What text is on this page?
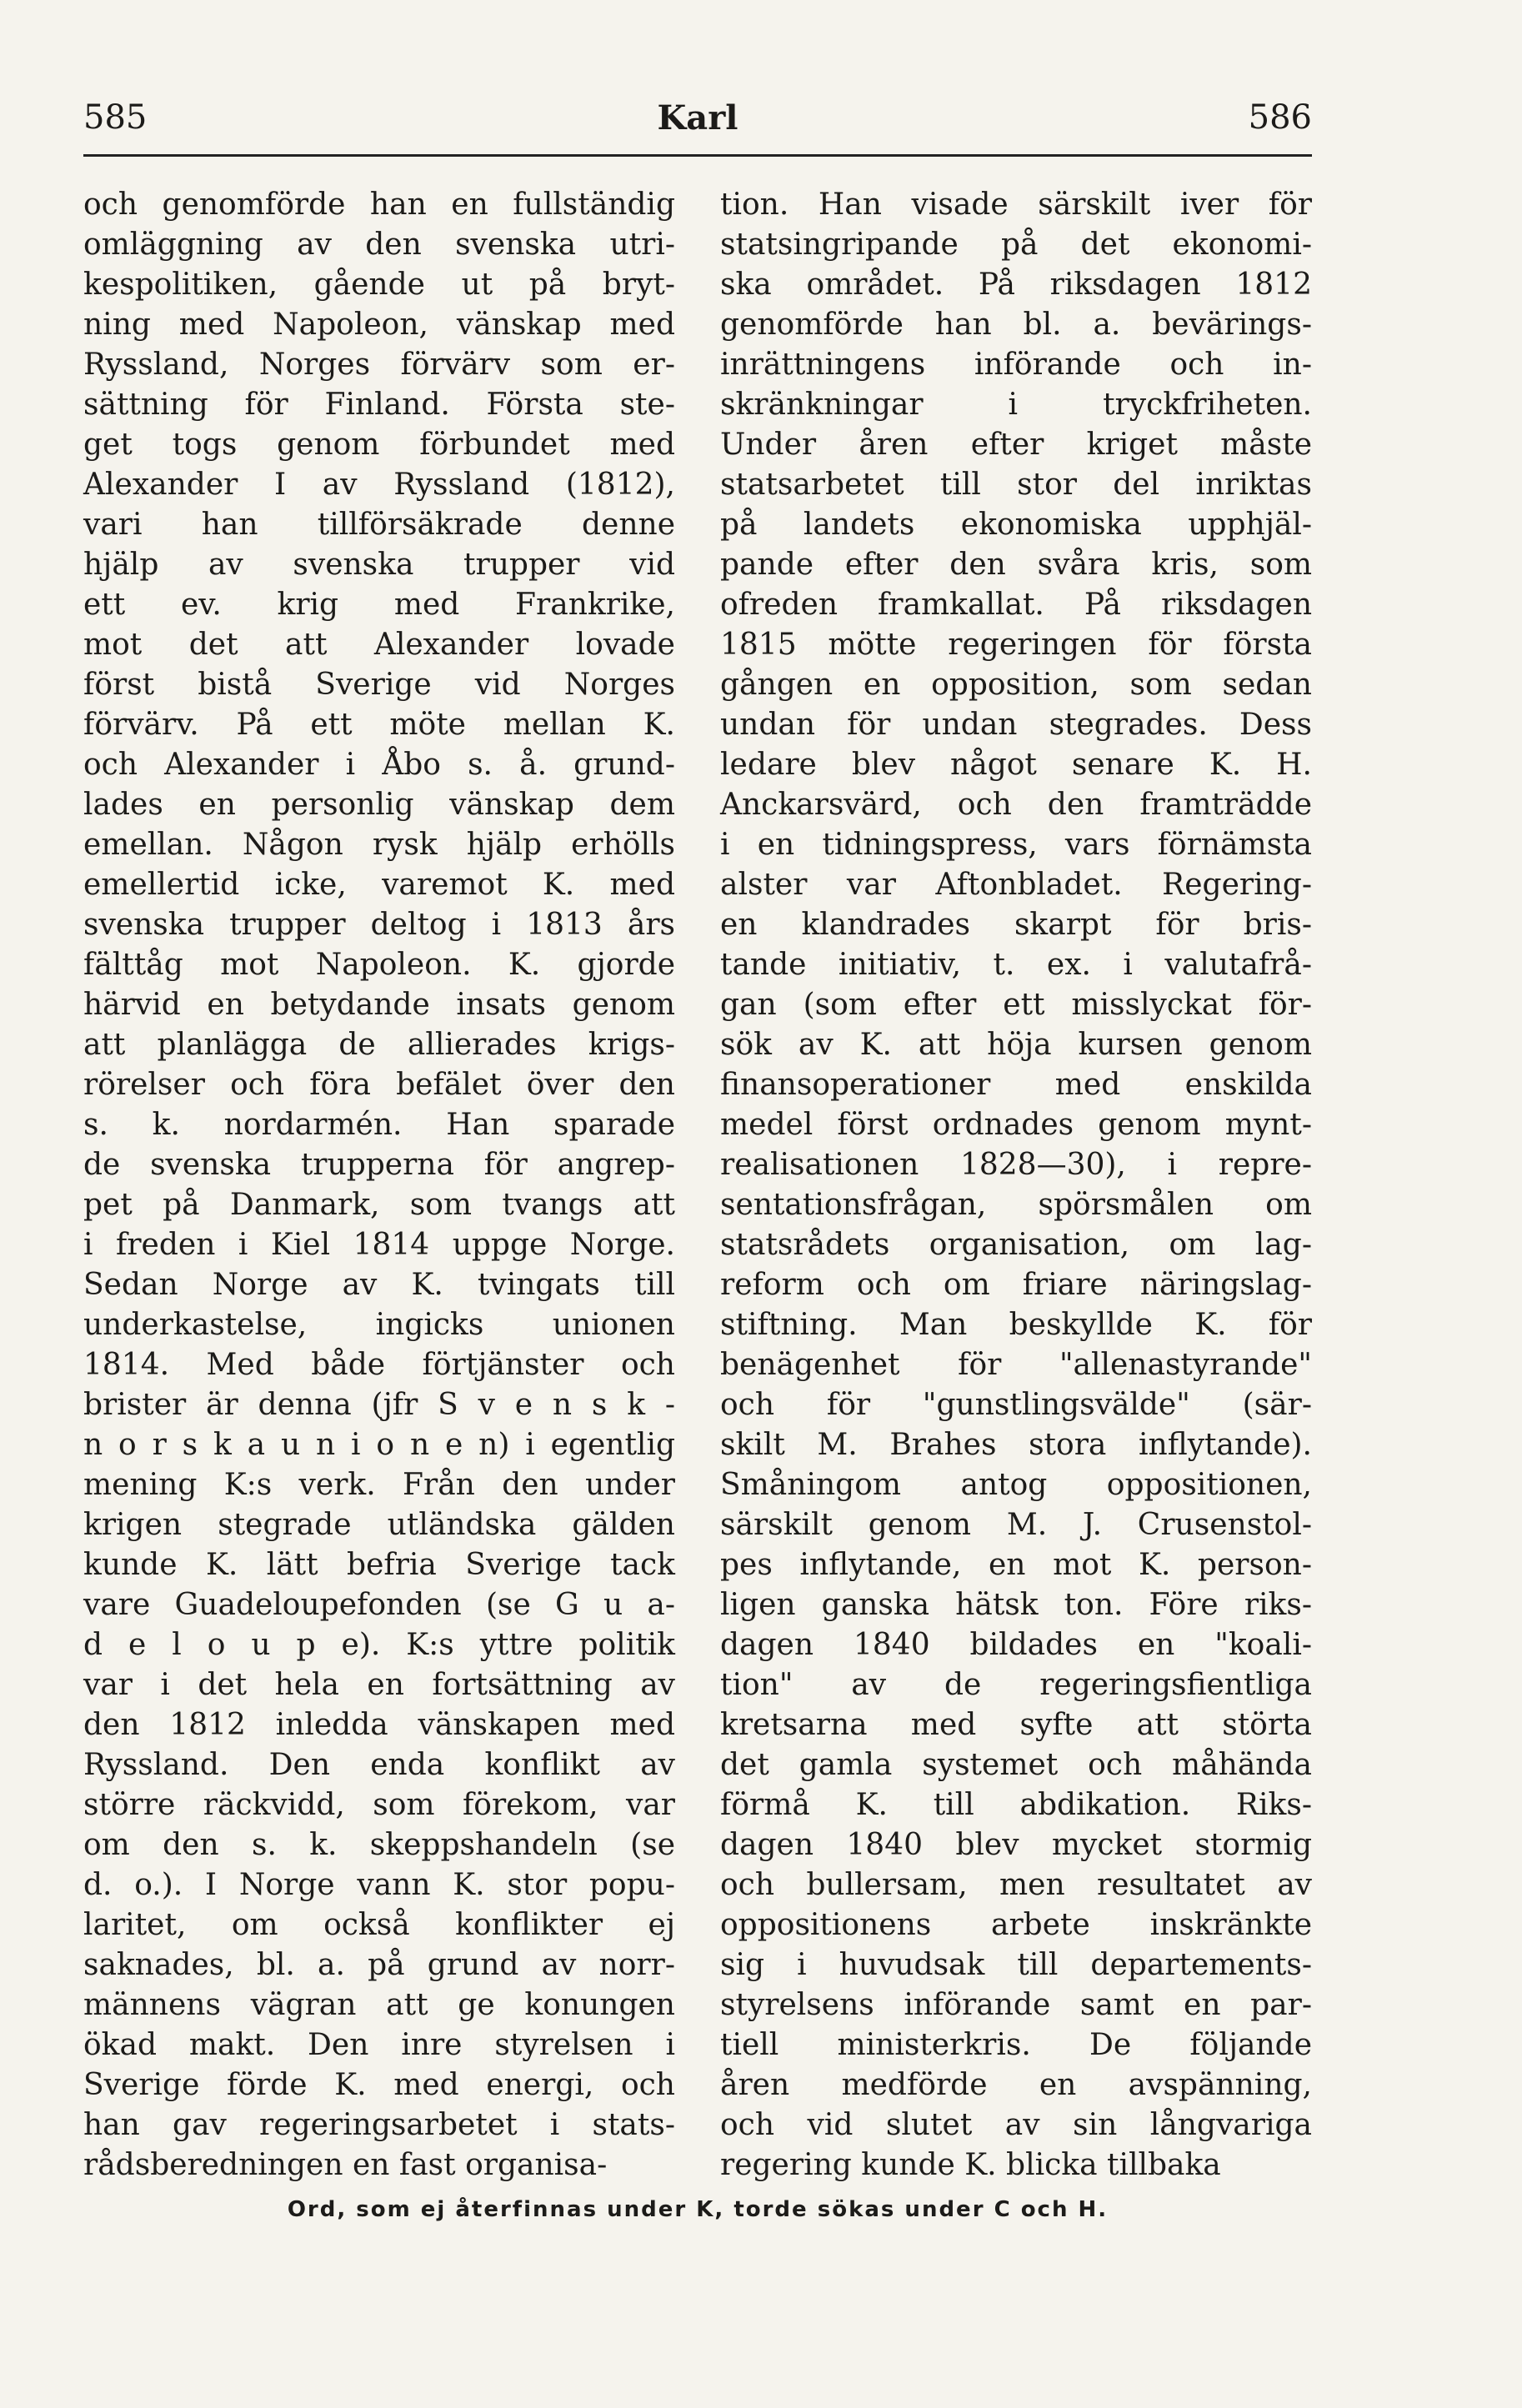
585	Karl	586
och genomförde han en fullständig
omläggning av den svenska utri-
kespolitiken, gående ut på bryt-
ning med Napoleon, vänskap med
Ryssland, Norges förvärv som er-
sättning för Finland. Första ste-
get togs genom förbundet med
Alexander I av Ryssland (1812),
vari han tillförsäkrade denne
hjälp av svenska trupper vid
ett ev. krig med Frankrike,
mot det att Alexander lovade
först bistå Sverige vid Norges
förvärv. På ett möte mellan K.
och Alexander i Åbo s. å. grund-
lades en personlig vänskap dem
emellan. Någon rysk hjälp erhölls
emellertid icke, varemot K. med
svenska trupper deltog i 1813 års
fälttåg mot Napoleon. K. gjorde
härvid en betydande insats genom
att planlägga de allierades krigs-
rörelser och föra befälet över den
s. k. nordarmén. Han sparade
de svenska trupperna för angrep-
pet på Danmark, som tvangs att
i freden i Kiel 1814 uppge Norge.
Sedan Norge av K. tvingats till
underkastelse, ingicks unionen
1814. Med både förtjänster och
brister är denna (jfr S v e n s k -
n o r s k a u n i o n e n) i egentlig
mening K:s verk. Från den under
krigen stegrade utländska gälden
kunde K. lätt befria Sverige tack
vare Guadeloupefonden (se G u a-
d e l o u p e). K:s yttre politik
var i det hela en fortsättning av
den 1812 inledda vänskapen med
Ryssland. Den enda konflikt av
större räckvidd, som förekom, var
om den s. k. skeppshandeln (se
d. o.). I Norge vann K. stor popu-
laritet, om också konflikter ej
saknades, bl. a. på grund av norr-
männens vägran att ge konungen
ökad makt. Den inre styrelsen i
Sverige förde K. med energi, och
han gav regeringsarbetet i stats-
rådsberedningen en fast organisa-
tion. Han visade särskilt iver för
statsingripande på det ekonomi-
ska området. På riksdagen 1812
genomförde han bl. a. bevärings-
inrättningens införande och in-
skränkningar i tryckfriheten.
Under åren efter kriget måste
statsarbetet till stor del inriktas
på landets ekonomiska upphjäl-
pande efter den svåra kris, som
ofreden framkallat. På riksdagen
1815 mötte regeringen för första
gången en opposition, som sedan
undan för undan stegrades. Dess
ledare blev något senare K. H.
Anckarsvärd, och den framträdde
i en tidningspress, vars förnämsta
alster var Aftonbladet. Regering-
en klandrades skarpt för bris-
tande initiativ, t. ex. i valutafrå-
gan (som efter ett misslyckat för-
sök av K. att höja kursen genom
finansoperationer med enskilda
medel först ordnades genom mynt-
realisationen 1828—30), i repre-
sentationsfrågan, spörsmålen om
statsrådets organisation, om lag-
reform och om friare näringslag-
stiftning. Man beskyllde K. för
benägenhet för "allenastyrande"
och för "gunstlingsvälde" (sär-
skilt M. Brahes stora inflytande).
Småningom antog oppositionen,
särskilt genom M. J. Crusenstol-
pes inflytande, en mot K. person-
ligen ganska hätsk ton. Före riks-
dagen 1840 bildades en "koali-
tion" av de regeringsfientliga
kretsarna med syfte att störta
det gamla systemet och måhända
förmå K. till abdikation. Riks-
dagen 1840 blev mycket stormig
och bullersam, men resultatet av
oppositionens arbete inskränkte
sig i huvudsak till departements-
styrelsens införande samt en par-
tiell ministerkris. De följande
åren medförde en avspänning,
och vid slutet av sin långvariga
regering kunde K. blicka tillbaka
Ord, som ej återfinnas under K, torde sökas under C och H.
